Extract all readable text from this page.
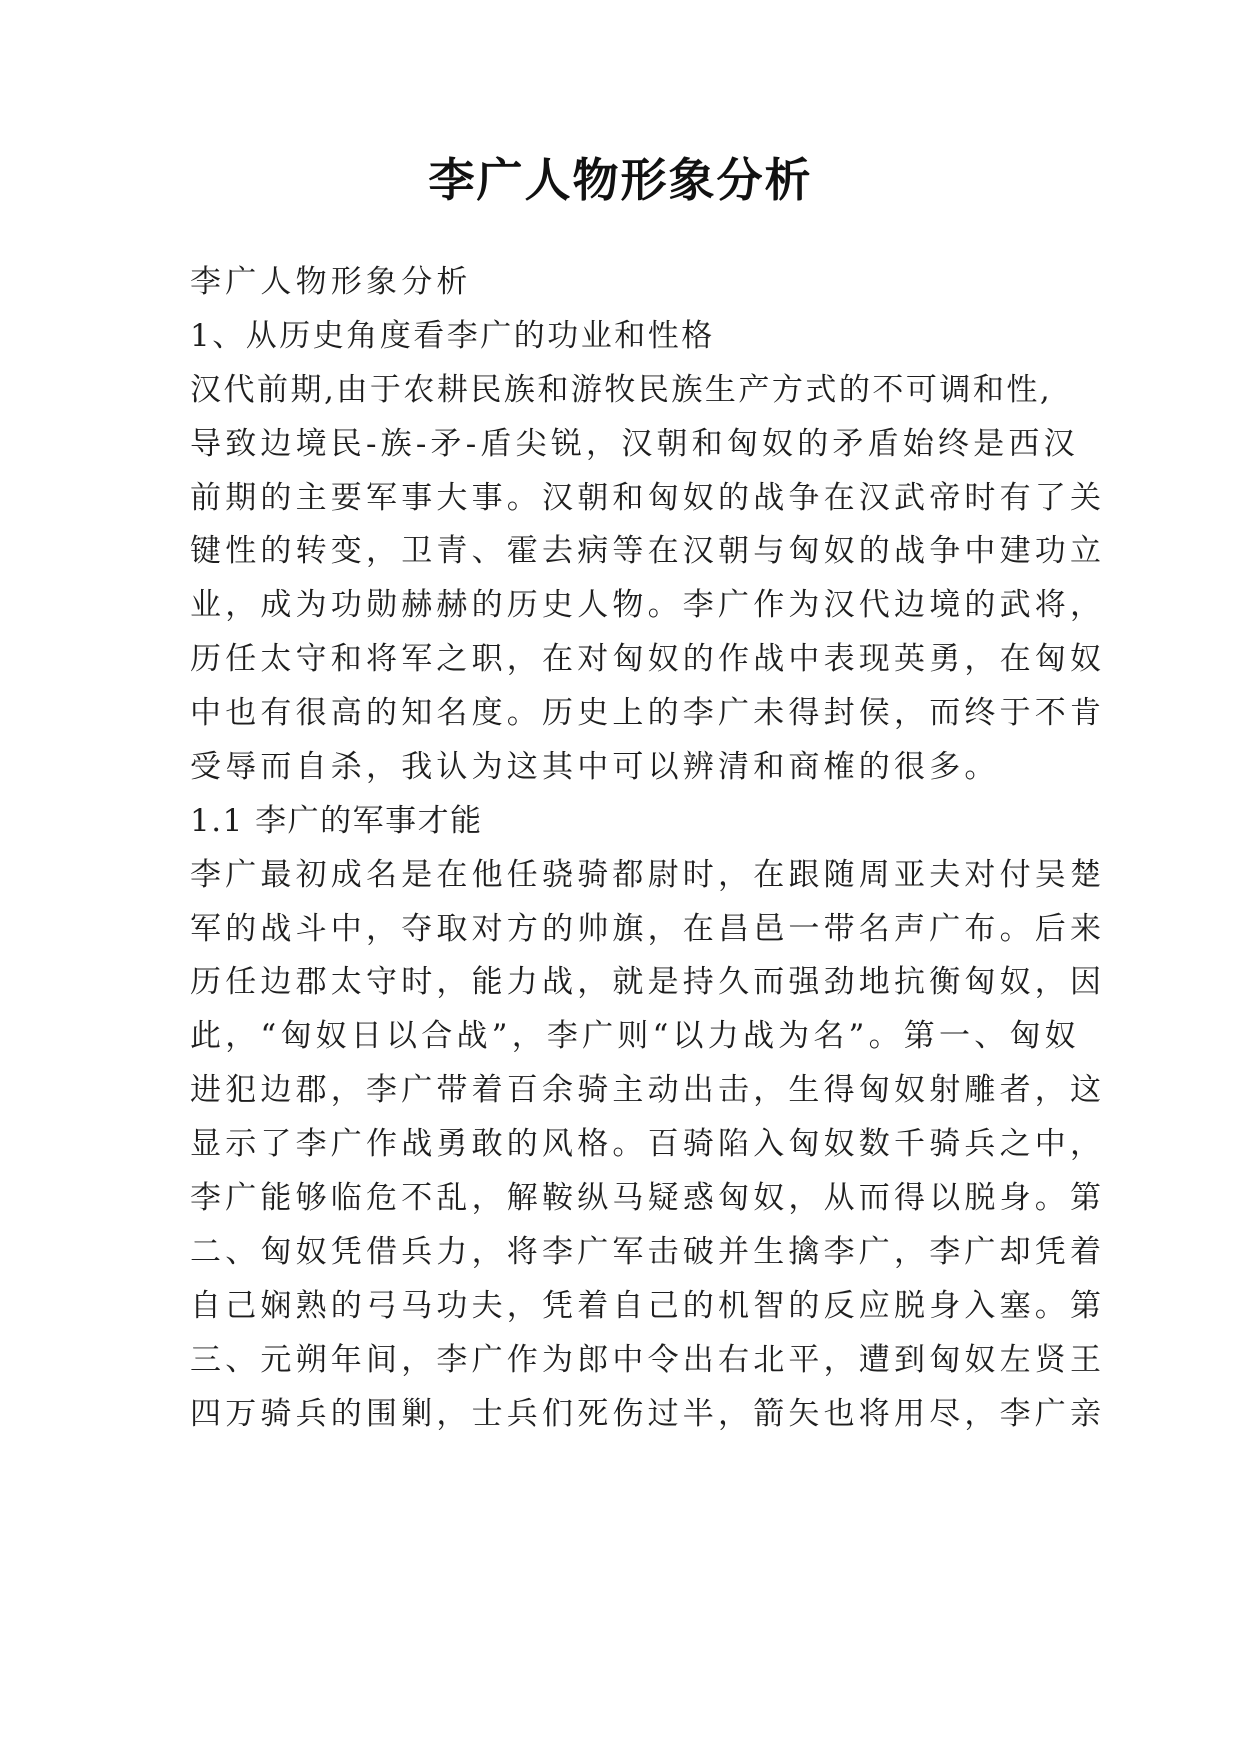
李广人物形象分析
李广人物形象分析
1、从历史角度看李广的功业和性格
汉代前期,由于农耕民族和游牧民族生产方式的不可调和性,
导致边境民-族-矛-盾尖锐，汉朝和匈奴的矛盾始终是西汉
前期的主要军事大事。汉朝和匈奴的战争在汉武帝时有了关
键性的转变，卫青、霍去病等在汉朝与匈奴的战争中建功立
业，成为功勋赫赫的历史人物。李广作为汉代边境的武将，
历任太守和将军之职，在对匈奴的作战中表现英勇，在匈奴
中也有很高的知名度。历史上的李广未得封侯，而终于不肯
受辱而自杀，我认为这其中可以辨清和商榷的很多。
1.1 李广的军事才能
李广最初成名是在他任骁骑都尉时，在跟随周亚夫对付吴楚
军的战斗中，夺取对方的帅旗，在昌邑一带名声广布。后来
历任边郡太守时，能力战，就是持久而强劲地抗衡匈奴，因
此，“匈奴日以合战”，李广则“以力战为名”。第一、匈奴
进犯边郡，李广带着百余骑主动出击，生得匈奴射雕者，这
显示了李广作战勇敢的风格。百骑陷入匈奴数千骑兵之中，
李广能够临危不乱，解鞍纵马疑惑匈奴，从而得以脱身。第
二、匈奴凭借兵力，将李广军击破并生擒李广，李广却凭着
自己娴熟的弓马功夫，凭着自己的机智的反应脱身入塞。第
三、元朔年间，李广作为郎中令出右北平，遭到匈奴左贤王
四万骑兵的围剿，士兵们死伤过半，箭矢也将用尽，李广亲
